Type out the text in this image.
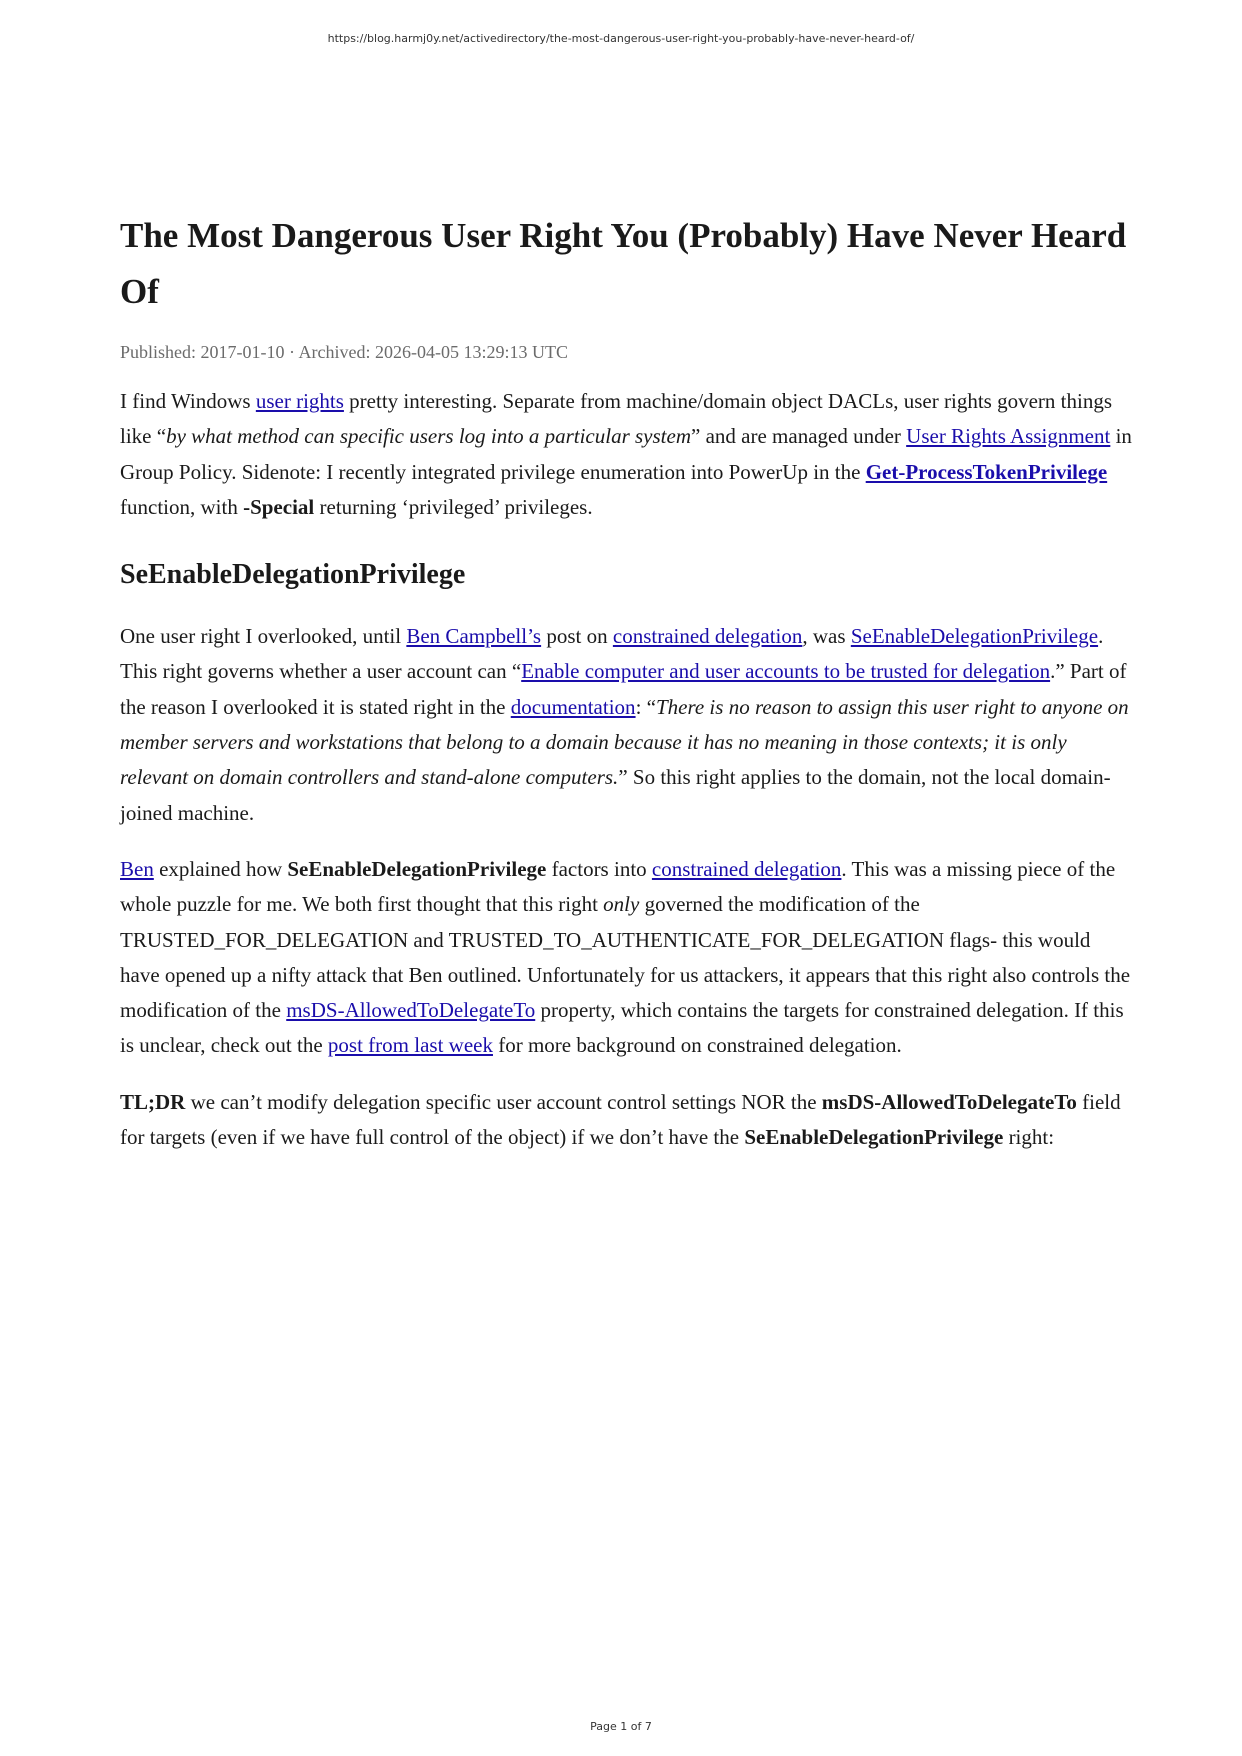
https://blog.harmj0y.net/activedirectory/the-most-dangerous-user-right-you-probably-have-never-heard-of/
The Most Dangerous User Right You (Probably) Have Never Heard Of
Published: 2017-01-10 · Archived: 2026-04-05 13:29:13 UTC

I find Windows user rights pretty interesting. Separate from machine/domain object DACLs, user rights govern things like “by what method can specific users log into a particular system” and are managed under User Rights Assignment in Group Policy. Sidenote: I recently integrated privilege enumeration into PowerUp in the Get-ProcessTokenPrivilege function, with -Special returning ‘privileged’ privileges.

SeEnableDelegationPrivilege

One user right I overlooked, until Ben Campbell’s post on constrained delegation, was SeEnableDelegationPrivilege. This right governs whether a user account can “Enable computer and user accounts to be trusted for delegation.” Part of the reason I overlooked it is stated right in the documentation: “There is no reason to assign this user right to anyone on member servers and workstations that belong to a domain because it has no meaning in those contexts; it is only relevant on domain controllers and stand-alone computers.” So this right applies to the domain, not the local domain-joined machine.

Ben explained how SeEnableDelegationPrivilege factors into constrained delegation. This was a missing piece of the whole puzzle for me. We both first thought that this right only governed the modification of the TRUSTED_FOR_DELEGATION and TRUSTED_TO_AUTHENTICATE_FOR_DELEGATION flags- this would have opened up a nifty attack that Ben outlined. Unfortunately for us attackers, it appears that this right also controls the modification of the msDS-AllowedToDelegateTo property, which contains the targets for constrained delegation. If this is unclear, check out the post from last week for more background on constrained delegation.

TL;DR we can’t modify delegation specific user account control settings NOR the msDS-AllowedToDelegateTo field for targets (even if we have full control of the object) if we don’t have the SeEnableDelegationPrivilege right:

Page 1 of 7
